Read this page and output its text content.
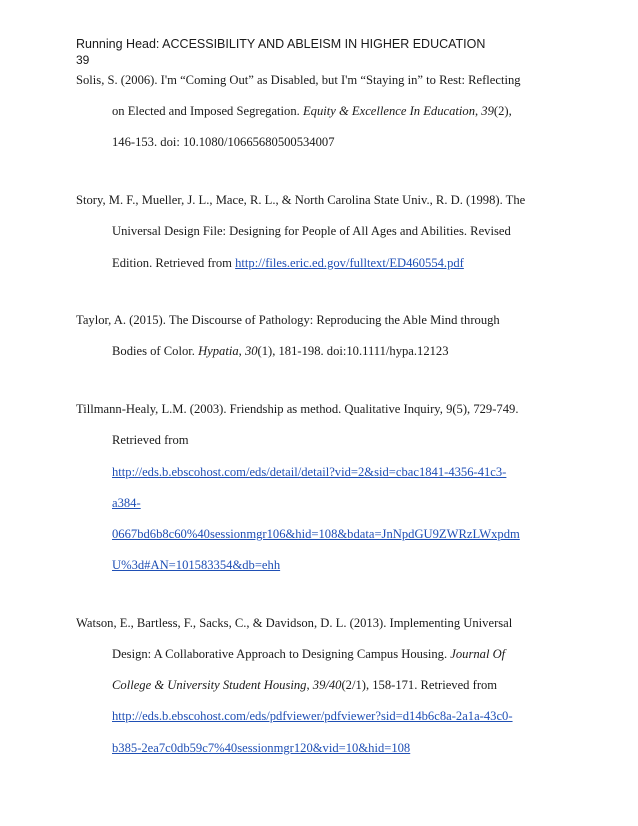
Running Head: ACCESSIBILITY AND ABLEISM IN HIGHER EDUCATION
39
Solis, S. (2006). I'm “Coming Out” as Disabled, but I'm “Staying in” to Rest: Reflecting
on Elected and Imposed Segregation. Equity & Excellence In Education, 39(2),
146-153. doi: 10.1080/10665680500534007
Story, M. F., Mueller, J. L., Mace, R. L., & North Carolina State Univ., R. D. (1998). The
Universal Design File: Designing for People of All Ages and Abilities. Revised
Edition. Retrieved from http://files.eric.ed.gov/fulltext/ED460554.pdf
Taylor, A. (2015). The Discourse of Pathology: Reproducing the Able Mind through
Bodies of Color. Hypatia, 30(1), 181-198. doi:10.1111/hypa.12123
Tillmann-Healy, L.M. (2003). Friendship as method. Qualitative Inquiry, 9(5), 729-749.
Retrieved from
http://eds.b.ebscohost.com/eds/detail/detail?vid=2&sid=cbac1841-4356-41c3-
a384-
0667bd6b8c60%40sessionmgr106&hid=108&bdata=JnNpdGU9ZWRzLWxpdm
U%3d#AN=101583354&db=ehh
Watson, E., Bartless, F., Sacks, C., & Davidson, D. L. (2013). Implementing Universal
Design: A Collaborative Approach to Designing Campus Housing. Journal Of
College & University Student Housing, 39/40(2/1), 158-171. Retrieved from
http://eds.b.ebscohost.com/eds/pdfviewer/pdfviewer?sid=d14b6c8a-2a1a-43c0-
b385-2ea7c0db59c7%40sessionmgr120&vid=10&hid=108
